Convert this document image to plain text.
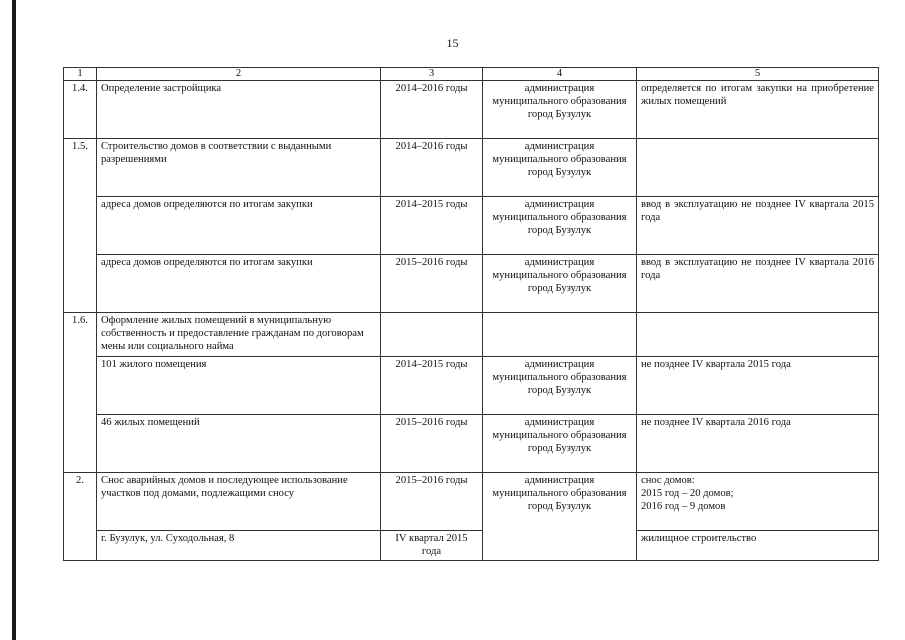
15
1	2	3	4	5
1.4.	Определение застройщика	2014–2016 годы	администрация муниципального образования город Бузулук	определяется по итогам закупки на приобретение жилых помещений
1.5.	Строительство домов в соответствии с выданными разрешениями	2014–2016 годы	администрация муниципального образования город Бузулук	
	адреса домов определяются по итогам закупки	2014–2015 годы	администрация муниципального образования город Бузулук	ввод в эксплуатацию не позднее IV квартала 2015 года
	адреса домов определяются по итогам закупки	2015–2016 годы	администрация муниципального образования город Бузулук	ввод в эксплуатацию не позднее IV квартала 2016 года
1.6.	Оформление жилых помещений в муниципальную собственность и предоставление гражданам по договорам мены или социального найма			
	101 жилого помещения	2014–2015 годы	администрация муниципального образования город Бузулук	не позднее IV квартала 2015 года
	46 жилых помещений	2015–2016 годы	администрация муниципального образования город Бузулук	не позднее IV квартала 2016 года
2.	Снос аварийных домов и последующее использование участков под домами, подлежащими сносу	2015–2016 годы	администрация муниципального образования город Бузулук	снос домов:
2015 год – 20 домов;
2016 год – 9 домов

	г. Бузулук, ул. Суходольная, 8	IV квартал 2015 года		жилищное строительство
